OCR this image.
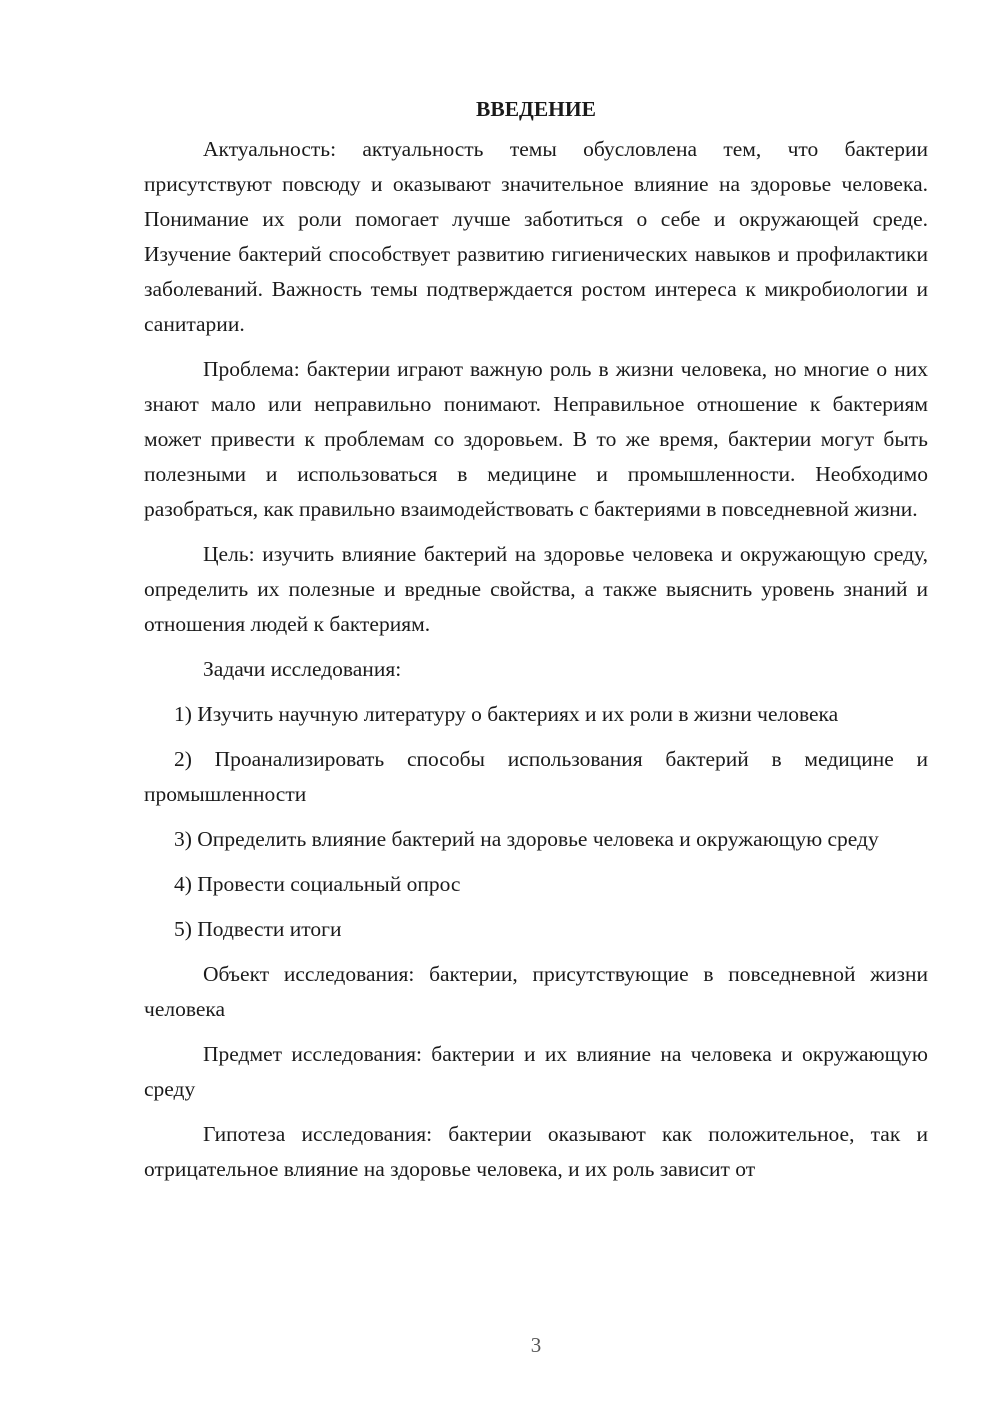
ВВЕДЕНИЕ

Актуальность: актуальность темы обусловлена тем, что бактерии присутствуют повсюду и оказывают значительное влияние на здоровье человека. Понимание их роли помогает лучше заботиться о себе и окружающей среде. Изучение бактерий способствует развитию гигиенических навыков и профилактики заболеваний. Важность темы подтверждается ростом интереса к микробиологии и санитарии.

Проблема: бактерии играют важную роль в жизни человека, но многие о них знают мало или неправильно понимают. Неправильное отношение к бактериям может привести к проблемам со здоровьем. В то же время, бактерии могут быть полезными и использоваться в медицине и промышленности. Необходимо разобраться, как правильно взаимодействовать с бактериями в повседневной жизни.

Цель: изучить влияние бактерий на здоровье человека и окружающую среду, определить их полезные и вредные свойства, а также выяснить уровень знаний и отношения людей к бактериям.

Задачи исследования:

1) Изучить научную литературу о бактериях и их роли в жизни человека

2) Проанализировать способы использования бактерий в медицине и промышленности

3) Определить влияние бактерий на здоровье человека и окружающую среду

4) Провести социальный опрос

5) Подвести итоги

Объект исследования: бактерии, присутствующие в повседневной жизни человека

Предмет исследования: бактерии и их влияние на человека и окружающую среду

Гипотеза исследования: бактерии оказывают как положительное, так и отрицательное влияние на здоровье человека, и их роль зависит от

3
